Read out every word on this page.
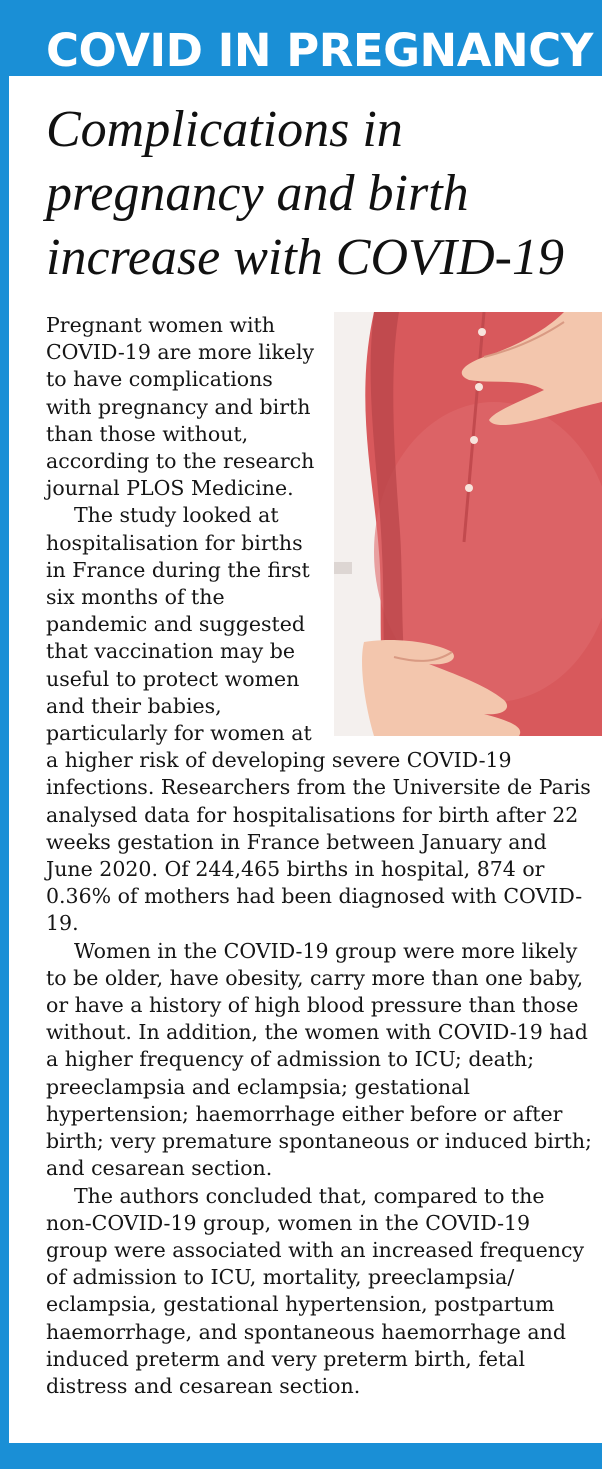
COVID IN PREGNANCY
Complications in pregnancy and birth increase with COVID-19

Pregnant women with COVID-19 are more likely to have complications with pregnancy and birth than those without, according to the research journal PLOS Medicine.

The study looked at hospitalisation for births in France during the first six months of the pandemic and suggested that vaccination may be useful to protect women and their babies, particularly for women at a higher risk of developing severe COVID-19 infections. Researchers from the Universite de Paris analysed data for hospitalisations for birth after 22 weeks gestation in France between January and June 2020. Of 244,465 births in hospital, 874 or 0.36% of mothers had been diagnosed with COVID-19.

Women in the COVID-19 group were more likely to be older, have obesity, carry more than one baby, or have a history of high blood pressure than those without. In addition, the women with COVID-19 had a higher frequency of admission to ICU; death; preeclampsia and eclampsia; gestational hypertension; haemorrhage either before or after birth; very premature spontaneous or induced birth; and cesarean section.

The authors concluded that, compared to the non-COVID-19 group, women in the COVID-19 group were associated with an increased frequency of admission to ICU, mortality, preeclampsia/ eclampsia, gestational hypertension, postpartum haemorrhage, and spontaneous haemorrhage and induced preterm and very preterm birth, fetal distress and cesarean section.
